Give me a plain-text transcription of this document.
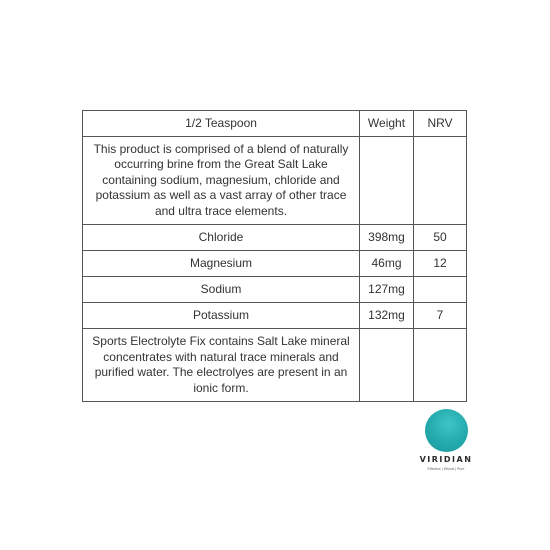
1/2 Teaspoon	Weight	NRV
This product is comprised of a blend of naturally occurring brine from the Great Salt Lake containing sodium, magnesium, chloride and potassium as well as a vast array of other trace and ultra trace elements.		
Chloride	398mg	50
Magnesium	46mg	12
Sodium	127mg	
Potassium	132mg	7
Sports Electrolyte Fix contains Salt Lake mineral concentrates with natural trace minerals and purified water. The electrolyes are present in an ionic form.		
VIRIDIAN
Effective | Ethical | Pure
